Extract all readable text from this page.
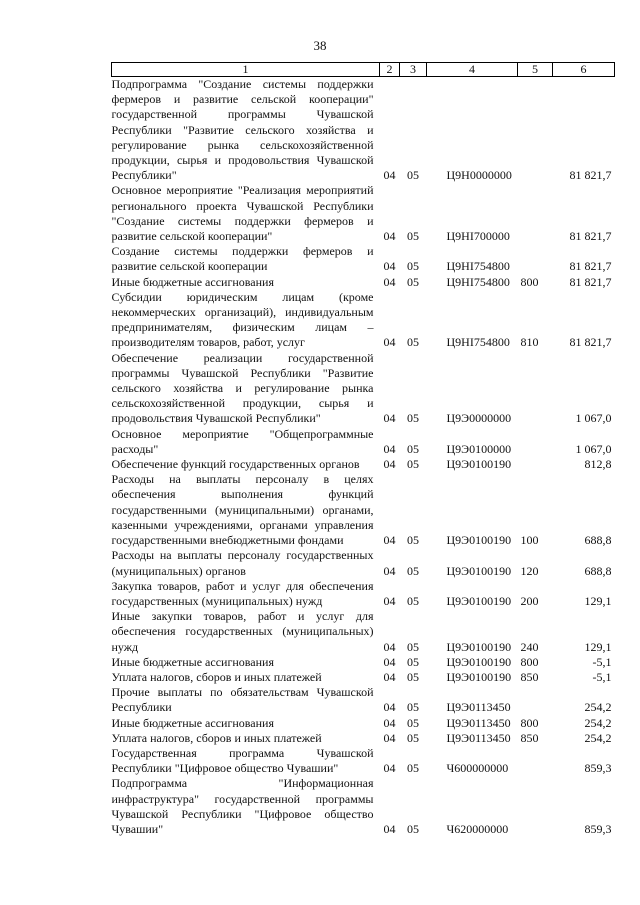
38
1	2	3	4	5	6
Подпрограмма "Создание системы поддержки фермеров и развитие сельской кооперации" государственной программы Чувашской Республики "Развитие сельского хозяйства и регулирование рынка сельскохозяйственной продукции, сырья и продовольствия Чувашской Республики"	04	05	Ц9Н0000000		81 821,7
Основное мероприятие "Реализация мероприятий регионального проекта Чувашской Республики "Создание системы поддержки фермеров и развитие сельской кооперации"	04	05	Ц9НI700000		81 821,7
Создание системы поддержки фермеров и развитие сельской кооперации	04	05	Ц9НI754800		81 821,7
Иные бюджетные ассигнования	04	05	Ц9НI754800	800	81 821,7
Субсидии юридическим лицам (кроме некоммерческих организаций), индивидуальным предпринимателям, физическим лицам – производителям товаров, работ, услуг	04	05	Ц9НI754800	810	81 821,7
Обеспечение реализации государственной программы Чувашской Республики "Развитие сельского хозяйства и регулирование рынка сельскохозяйственной продукции, сырья и продовольствия Чувашской Республики"	04	05	Ц9Э0000000		1 067,0
Основное мероприятие "Общепрограммные расходы"	04	05	Ц9Э0100000		1 067,0
Обеспечение функций государственных органов	04	05	Ц9Э0100190		812,8
Расходы на выплаты персоналу в целях обеспечения выполнения функций государственными (муниципальными) органами, казенными учреждениями, органами управления государственными внебюджетными фондами	04	05	Ц9Э0100190	100	688,8
Расходы на выплаты персоналу государственных (муниципальных) органов	04	05	Ц9Э0100190	120	688,8
Закупка товаров, работ и услуг для обеспечения государственных (муниципальных) нужд	04	05	Ц9Э0100190	200	129,1
Иные закупки товаров, работ и услуг для обеспечения государственных (муниципальных) нужд	04	05	Ц9Э0100190	240	129,1
Иные бюджетные ассигнования	04	05	Ц9Э0100190	800	-5,1
Уплата налогов, сборов и иных платежей	04	05	Ц9Э0100190	850	-5,1
Прочие выплаты по обязательствам Чувашской Республики	04	05	Ц9Э0113450		254,2
Иные бюджетные ассигнования	04	05	Ц9Э0113450	800	254,2
Уплата налогов, сборов и иных платежей	04	05	Ц9Э0113450	850	254,2
Государственная программа Чувашской Республики "Цифровое общество Чувашии"	04	05	Ч600000000		859,3
Подпрограмма "Информационная инфраструктура" государственной программы Чувашской Республики "Цифровое общество Чувашии"	04	05	Ч620000000		859,3
